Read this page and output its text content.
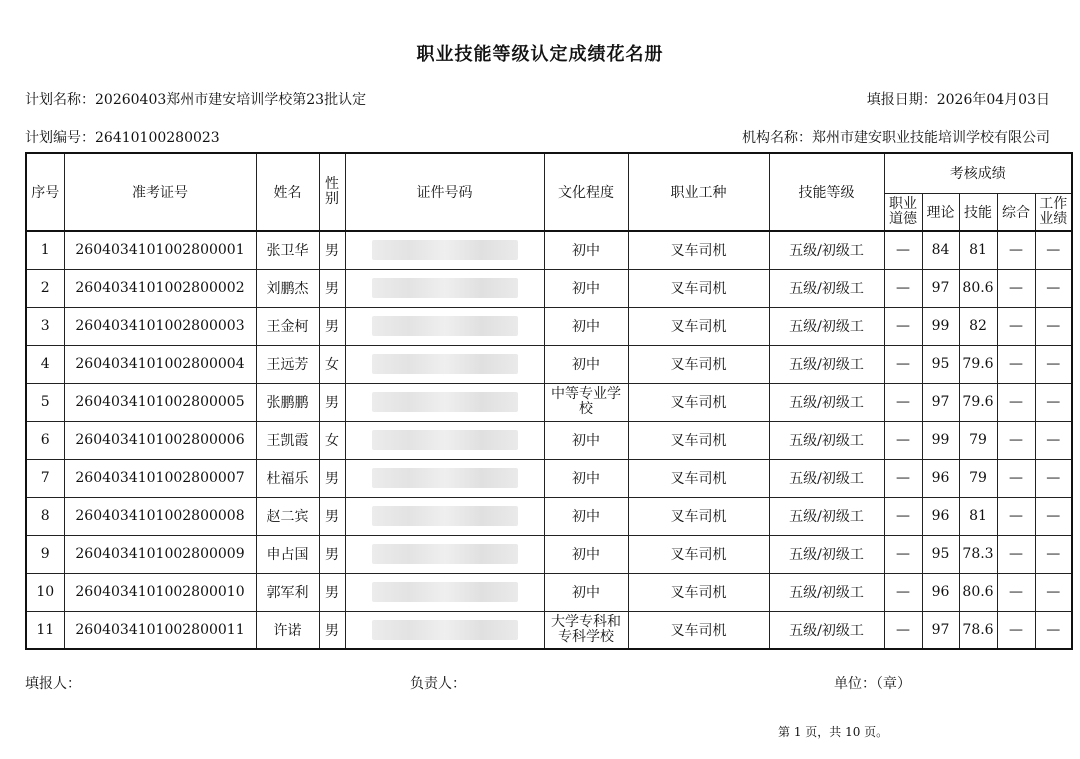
职业技能等级认定成绩花名册
计划名称：20260403郑州市建安培训学校第23批认定	填报日期：2026年04月03日
计划编号：26410100280023	机构名称：郑州市建安职业技能培训学校有限公司
序号	准考证号	姓名	性别	证件号码	文化程度	职业工种	技能等级	考核成绩				
								职业道德	理论	技能	综合	工作业绩
1	2604034101002800001	张卫华	男		初中	叉车司机	五级/初级工	—	84	81	—	—
2	2604034101002800002	刘鹏杰	男		初中	叉车司机	五级/初级工	—	97	80.6	—	—
3	2604034101002800003	王金柯	男		初中	叉车司机	五级/初级工	—	99	82	—	—
4	2604034101002800004	王远芳	女		初中	叉车司机	五级/初级工	—	95	79.6	—	—
5	2604034101002800005	张鹏鹏	男		中等专业学校	叉车司机	五级/初级工	—	97	79.6	—	—
6	2604034101002800006	王凯霞	女		初中	叉车司机	五级/初级工	—	99	79	—	—
7	2604034101002800007	杜福乐	男		初中	叉车司机	五级/初级工	—	96	79	—	—
8	2604034101002800008	赵二宾	男		初中	叉车司机	五级/初级工	—	96	81	—	—
9	2604034101002800009	申占国	男		初中	叉车司机	五级/初级工	—	95	78.3	—	—
10	2604034101002800010	郭军利	男		初中	叉车司机	五级/初级工	—	96	80.6	—	—
11	2604034101002800011	许诺	男		大学专科和专科学校	叉车司机	五级/初级工	—	97	78.6	—	—
填报人：	负责人：	单位：（章）
第 1 页，共 10 页。
